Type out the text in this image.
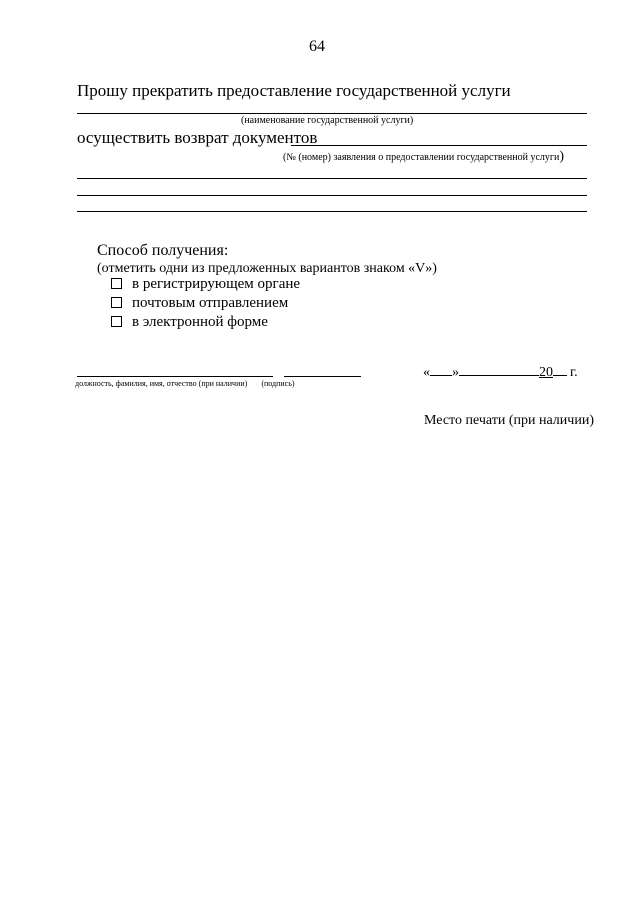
64
Прошу прекратить предоставление государственной услуги
(наименование государственной услуги)
осуществить возврат документов
(№ (номер) заявления о предоставлении государственной услуги)
Способ получения:
(отметить одни из предложенных вариантов знаком «V»)
в регистрирующем органе
почтовым отправлением
в электронной форме
должность, фамилия, имя, отчество (при наличии) (подпись)
« »	20 г.
Место печати (при наличии)
